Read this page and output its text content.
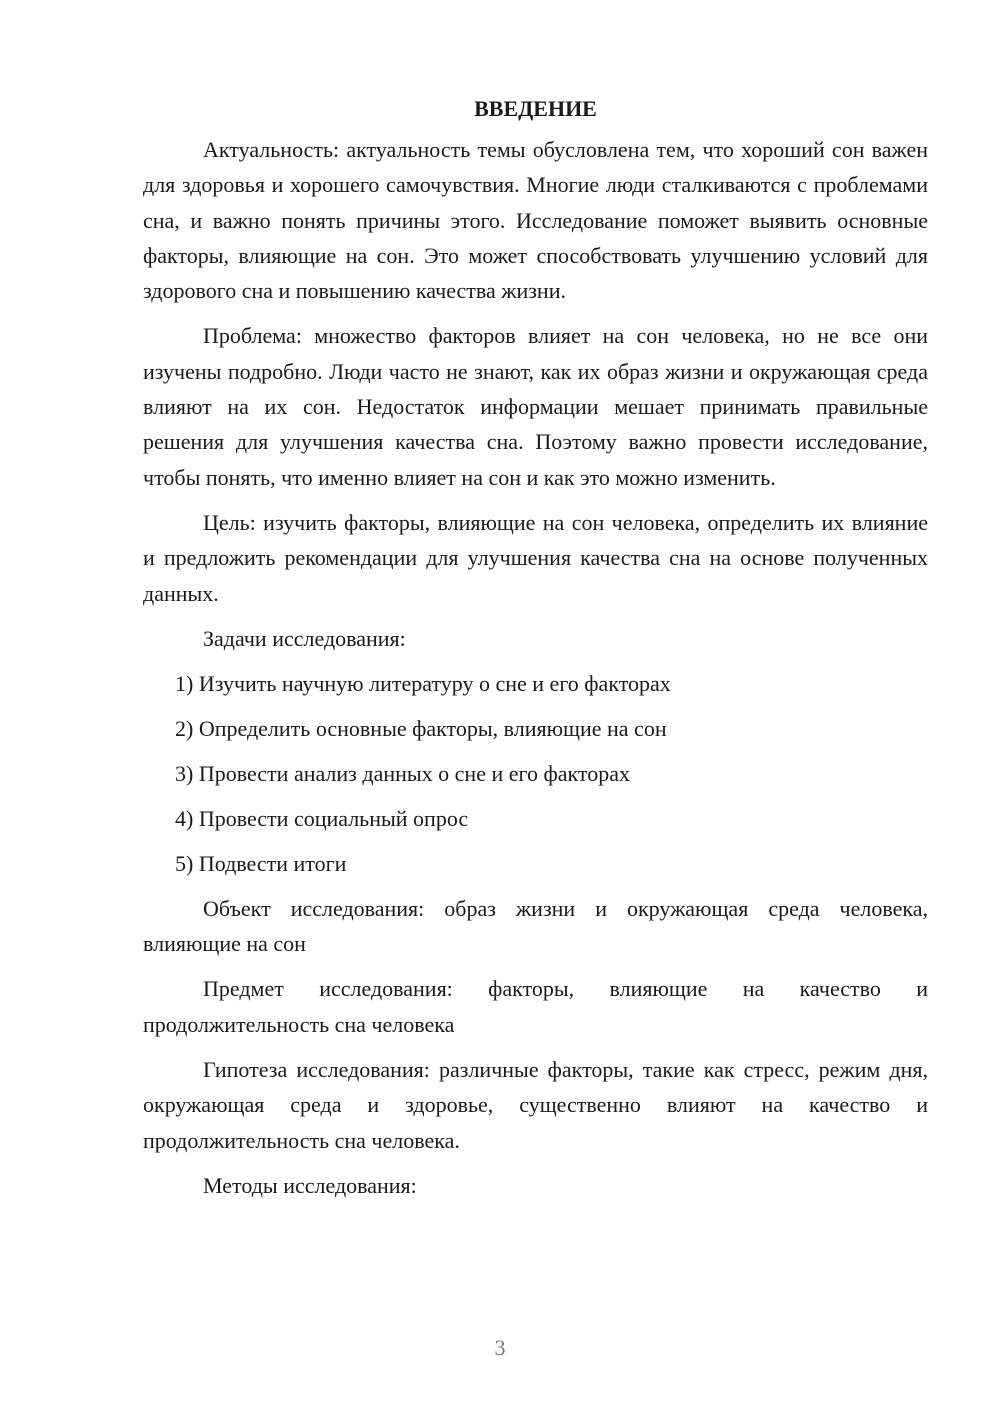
ВВЕДЕНИЕ

Актуальность: актуальность темы обусловлена тем, что хороший сон важен для здоровья и хорошего самочувствия. Многие люди сталкиваются с проблемами сна, и важно понять причины этого. Исследование поможет выявить основные факторы, влияющие на сон. Это может способствовать улучшению условий для здорового сна и повышению качества жизни.

Проблема: множество факторов влияет на сон человека, но не все они изучены подробно. Люди часто не знают, как их образ жизни и окружающая среда влияют на их сон. Недостаток информации мешает принимать правильные решения для улучшения качества сна. Поэтому важно провести исследование, чтобы понять, что именно влияет на сон и как это можно изменить.

Цель: изучить факторы, влияющие на сон человека, определить их влияние и предложить рекомендации для улучшения качества сна на основе полученных данных.

Задачи исследования:

1) Изучить научную литературу о сне и его факторах
2) Определить основные факторы, влияющие на сон
3) Провести анализ данных о сне и его факторах
4) Провести социальный опрос
5) Подвести итоги

Объект исследования: образ жизни и окружающая среда человека, влияющие на сон

Предмет исследования: факторы, влияющие на качество и продолжительность сна человека

Гипотеза исследования: различные факторы, такие как стресс, режим дня, окружающая среда и здоровье, существенно влияют на качество и продолжительность сна человека.

Методы исследования:

3
